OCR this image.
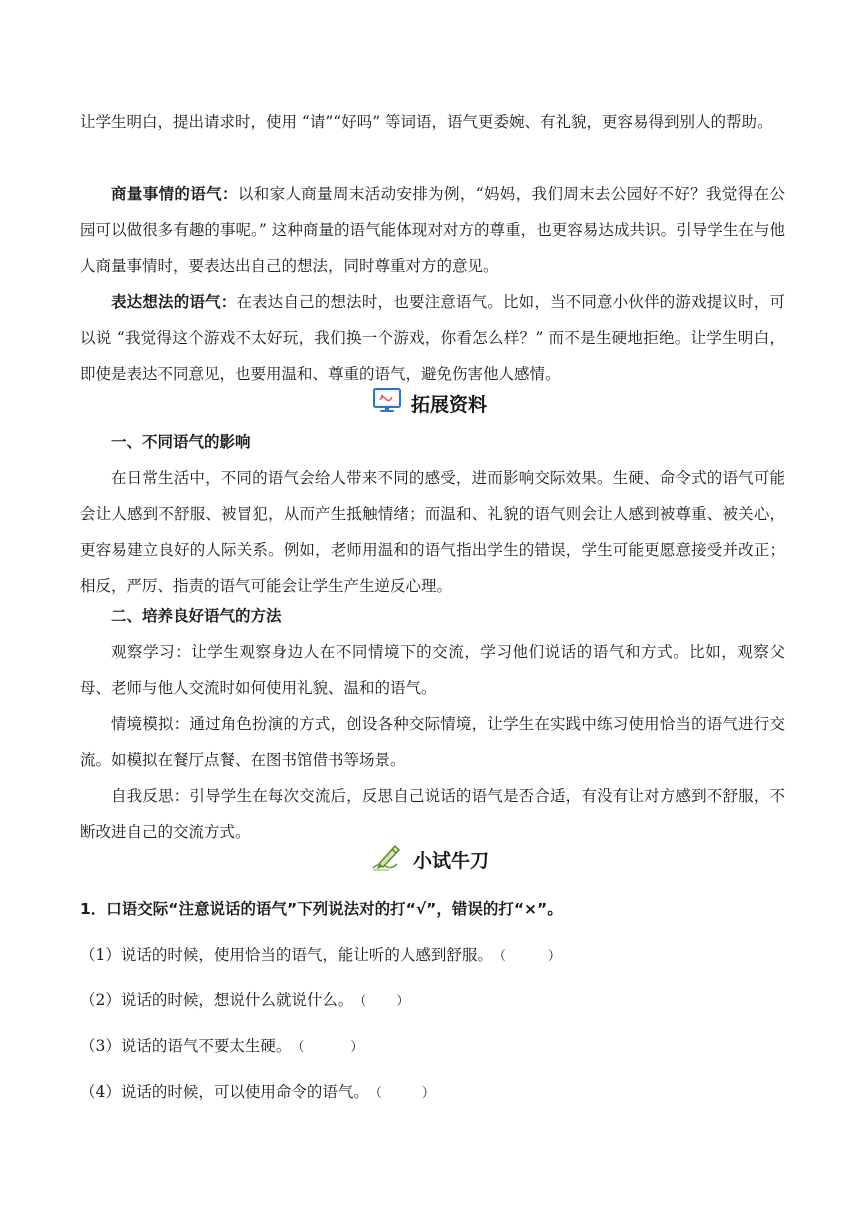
让学生明白，提出请求时，使用 “请”“好吗” 等词语，语气更委婉、有礼貌，更容易得到别人的帮助。

商量事情的语气：以和家人商量周末活动安排为例，“妈妈，我们周末去公园好不好？我觉得在公园可以做很多有趣的事呢。” 这种商量的语气能体现对对方的尊重，也更容易达成共识。引导学生在与他人商量事情时，要表达出自己的想法，同时尊重对方的意见。

表达想法的语气：在表达自己的想法时，也要注意语气。比如，当不同意小伙伴的游戏提议时，可以说 “我觉得这个游戏不太好玩，我们换一个游戏，你看怎么样？” 而不是生硬地拒绝。让学生明白，即使是表达不同意见，也要用温和、尊重的语气，避免伤害他人感情。

拓展资料
一、不同语气的影响

在日常生活中，不同的语气会给人带来不同的感受，进而影响交际效果。生硬、命令式的语气可能会让人感到不舒服、被冒犯，从而产生抵触情绪；而温和、礼貌的语气则会让人感到被尊重、被关心，更容易建立良好的人际关系。例如，老师用温和的语气指出学生的错误，学生可能更愿意接受并改正；相反，严厉、指责的语气可能会让学生产生逆反心理。

二、培养良好语气的方法

观察学习：让学生观察身边人在不同情境下的交流，学习他们说话的语气和方式。比如，观察父母、老师与他人交流时如何使用礼貌、温和的语气。

情境模拟：通过角色扮演的方式，创设各种交际情境，让学生在实践中练习使用恰当的语气进行交流。如模拟在餐厅点餐、在图书馆借书等场景。

自我反思：引导学生在每次交流后，反思自己说话的语气是否合适，有没有让对方感到不舒服，不断改进自己的交流方式。

小试牛刀
1．口语交际“注意说话的语气”下列说法对的打“√”，错误的打“×”。
（1）说话的时候，使用恰当的语气，能让听的人感到舒服。（	）
（2）说话的时候，想说什么就说什么。（ ）
（3）说话的语气不要太生硬。（	）
（4）说话的时候，可以使用命令的语气。（	）
